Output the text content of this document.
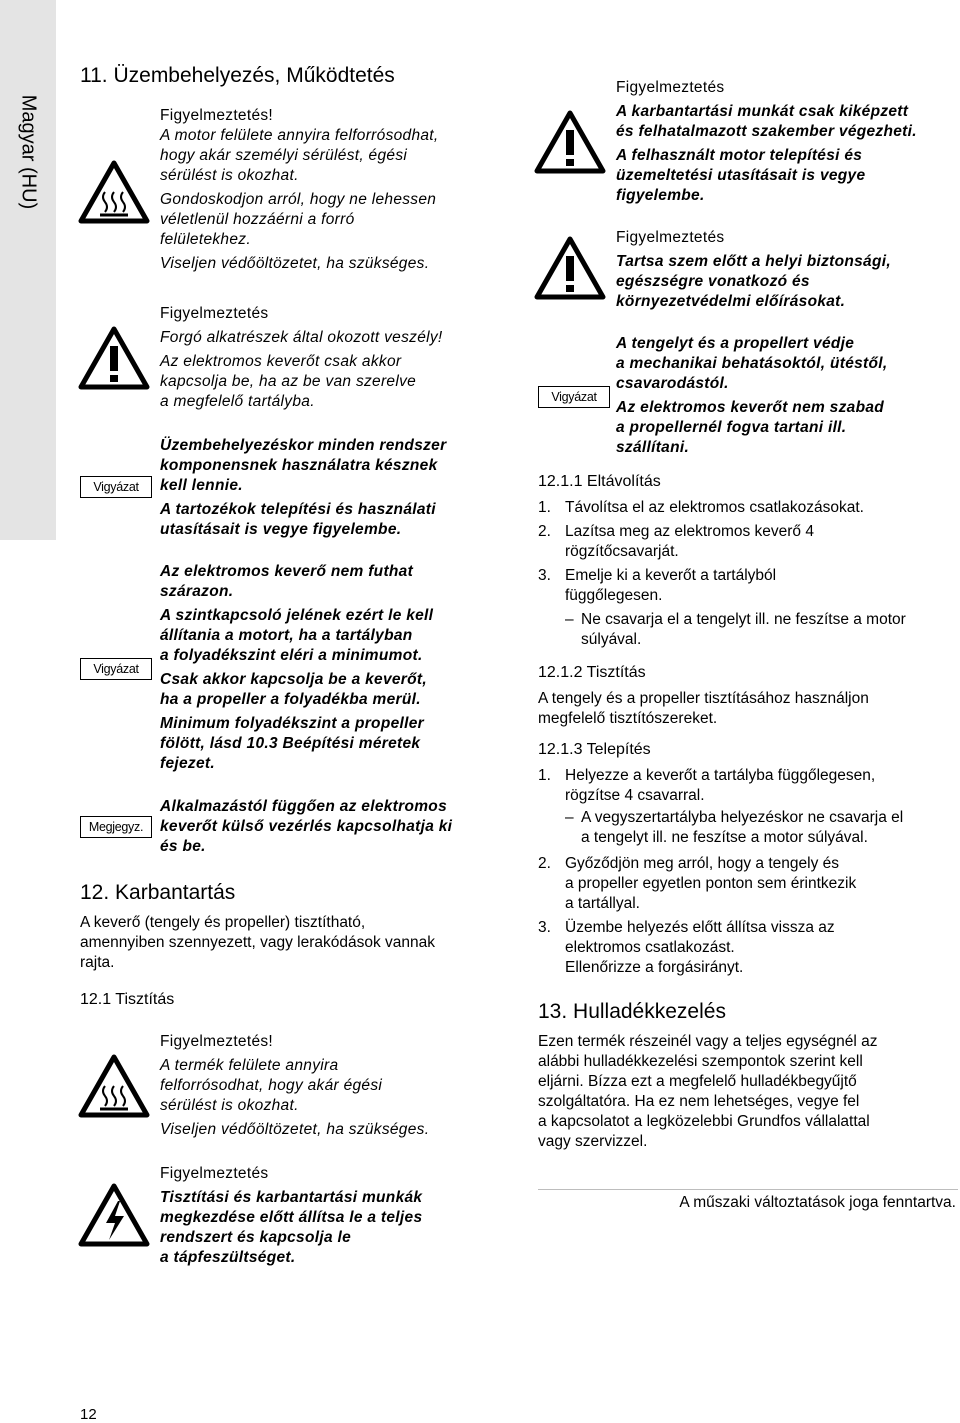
Magyar (HU)
11. Üzembehelyezés, Működtetés
Figyelmeztetés!
A motor felülete annyira felforrósodhat,
hogy akár személyi sérülést, égési
sérülést is okozhat.
Gondoskodjon arról, hogy ne lehessen
véletlenül hozzáérni a forró
felületekhez.
Viseljen védőöltözetet, ha szükséges.
Figyelmeztetés
Forgó alkatrészek által okozott veszély!
Az elektromos keverőt csak akkor
kapcsolja be, ha az be van szerelve
a megfelelő tartályba.
Vigyázat
Üzembehelyezéskor minden rendszer
komponensnek használatra késznek
kell lennie.
A tartozékok telepítési és használati
utasításait is vegye figyelembe.
Vigyázat
Az elektromos keverő nem futhat
szárazon.
A szintkapcsoló jelének ezért le kell
állítania a motort, ha a tartályban
a folyadékszint eléri a minimumot.
Csak akkor kapcsolja be a keverőt,
ha a propeller a folyadékba merül.
Minimum folyadékszint a propeller
fölött, lásd 10.3 Beépítési méretek
fejezet.
Megjegyz.
Alkalmazástól függően az elektromos
keverőt külső vezérlés kapcsolhatja ki
és be.
12. Karbantartás
A keverő (tengely és propeller) tisztítható,
amennyiben szennyezett, vagy lerakódások vannak
rajta.
12.1 Tisztítás
Figyelmeztetés!
A termék felülete annyira
felforrósodhat, hogy akár égési
sérülést is okozhat.
Viseljen védőöltözetet, ha szükséges.
Figyelmeztetés
Tisztítási és karbantartási munkák
megkezdése előtt állítsa le a teljes
rendszert és kapcsolja le
a tápfeszültséget.
12
Figyelmeztetés
A karbantartási munkát csak kiképzett
és felhatalmazott szakember végezheti.
A felhasznált motor telepítési és
üzemeltetési utasításait is vegye
figyelembe.
Figyelmeztetés
Tartsa szem előtt a helyi biztonsági,
egészségre vonatkozó és
környezetvédelmi előírásokat.
Vigyázat
A tengelyt és a propellert védje
a mechanikai behatásoktól, ütéstől,
csavarodástól.
Az elektromos keverőt nem szabad
a propellernél fogva tartani ill.
szállítani.
12.1.1 Eltávolítás
1. Távolítsa el az elektromos csatlakozásokat.
2. Lazítsa meg az elektromos keverő 4
rögzítőcsavarját.
3. Emelje ki a keverőt a tartályból
függőlegesen.
– Ne csavarja el a tengelyt ill. ne feszítse a motor
súlyával.
12.1.2 Tisztítás
A tengely és a propeller tisztításához használjon
megfelelő tisztítószereket.
12.1.3 Telepítés
1. Helyezze a keverőt a tartályba függőlegesen,
rögzítse 4 csavarral.
– A vegyszertartályba helyezéskor ne csavarja el
a tengelyt ill. ne feszítse a motor súlyával.
2. Győződjön meg arról, hogy a tengely és
a propeller egyetlen ponton sem érintkezik
a tartállyal.
3. Üzembe helyezés előtt állítsa vissza az
elektromos csatlakozást.
Ellenőrizze a forgásirányt.
13. Hulladékkezelés
Ezen termék részeinél vagy a teljes egységnél az
alábbi hulladékkezelési szempontok szerint kell
eljárni. Bízza ezt a megfelelő hulladékbegyűjtő
szolgáltatóra. Ha ez nem lehetséges, vegye fel
a kapcsolatot a legközelebbi Grundfos vállalattal
vagy szervizzel.
A műszaki változtatások joga fenntartva.
